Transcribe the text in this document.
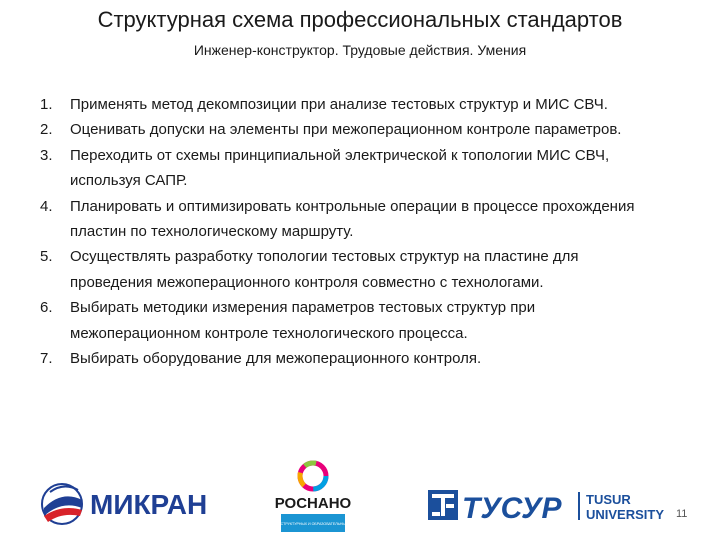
Структурная схема профессиональных стандартов
Инженер-конструктор. Трудовые действия. Умения
1. Применять метод декомпозиции при анализе тестовых структур и МИС СВЧ.
2. Оценивать допуски на элементы при межоперационном контроле параметров.
3. Переходить от схемы принципиальной электрической к топологии МИС СВЧ, используя САПР.
4. Планировать и оптимизировать контрольные операции в процессе прохождения пластин по технологическому маршруту.
5. Осуществлять разработку топологии тестовых структур на пластине для проведения межоперационного контроля совместно с технологами.
6. Выбирать методики измерения параметров тестовых структур при межоперационном контроле технологического процесса.
7. Выбирать оборудование для межоперационного контроля.
МИКРАН	РОСНАНО
ФОНД ИНФРАСТРУКТУРНЫХ И ОБРАЗОВАТЕЛЬНЫХ ПРОГРАММ	ТУСУР TUSUR
UNIVERSITY 11
